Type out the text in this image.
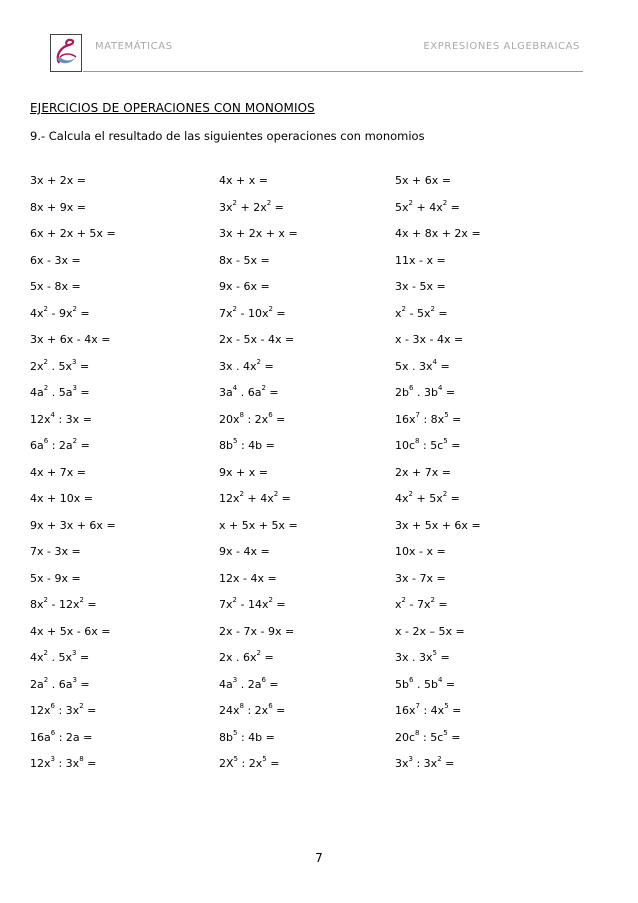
MATEMÁTICAS	EXPRESIONES ALGEBRAICAS
EJERCICIOS DE OPERACIONES CON MONOMIOS
9.- Calcula el resultado de las siguientes operaciones con monomios
3x + 2x =	4x + x =	5x + 6x =
8x + 9x =	$3x^2 + 2x^2$ =	$5x^2 + 4x^2$ =
6x + 2x + 5x =	3x + 2x + x =	4x + 8x + 2x =
6x - 3x =	8x - 5x =	11x - x =
5x - 8x =	9x - 6x =	3x - 5x =
$4x^2 - 9x^2$ =	$7x^2 - 10x^2$ =	$x^2 - 5x^2$ =
3x + 6x - 4x =	2x - 5x - 4x =	x - 3x - 4x =
$2x^2$ . $5x^3$ =	3x . $4x^2$ =	5x . $3x^4$ =
$4a^2$ . $5a^3$ =	$3a^4$ . $6a^2$ =	$2b^6$ . $3b^4$ =
$12x^4$ : 3x =	$20x^8$ : $2x^6$ =	$16x^7$ : $8x^5$ =
$6a^6$ : $2a^2$ =	$8b^5$ : 4b =	$10c^8$ : $5c^5$ =
4x + 7x =	9x + x =	2x + 7x =
4x + 10x =	$12x^2 + 4x^2$ =	$4x^2 + 5x^2$ =
9x + 3x + 6x =	x + 5x + 5x =	3x + 5x + 6x =
7x - 3x =	9x - 4x =	10x - x =
5x - 9x =	12x - 4x =	3x - 7x =
$8x^2 - 12x^2$ =	$7x^2 - 14x^2$ =	$x^2 - 7x^2$ =
4x + 5x - 6x =	2x - 7x - 9x =	x - 2x – 5x =
$4x^2$ . $5x^3$ =	2x . $6x^2$ =	3x . $3x^5$ =
$2a^2$ . $6a^3$ =	$4a^3$ . $2a^6$ =	$5b^6$ . $5b^4$ =
$12x^6$ : $3x^2$ =	$24x^8$ : $2x^6$ =	$16x^7$ : $4x^5$ =
$16a^6$ : 2a =	$8b^5$ : 4b =	$20c^8$ : $5c^5$ =
$12x^3$ : $3x^8$ =	$2X^5$ : $2x^5$ =	$3x^3$ : $3x^2$ =
7
